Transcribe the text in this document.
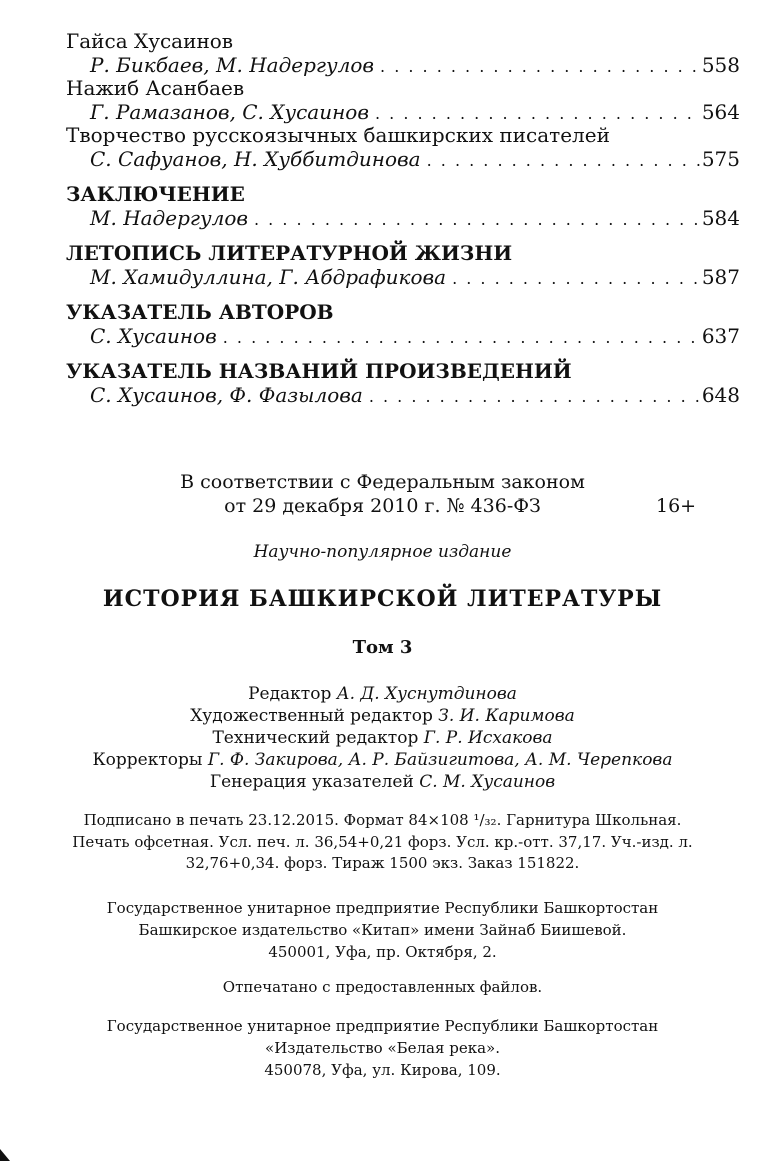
Гайса Хусаинов
Р. Бикбаев, М. Надергулов . . .	558
Нажиб Асанбаев
Г. Рамазанов, С. Хусаинов . . .	564
Творчество русскоязычных башкирских писателей
С. Сафуанов, Н. Хуббитдинова . . .	575
ЗАКЛЮЧЕНИЕ
М. Надергулов . . .	584
ЛЕТОПИСЬ ЛИТЕРАТУРНОЙ ЖИЗНИ
М. Хамидуллина, Г. Абдрафикова . . .	587
УКАЗАТЕЛЬ АВТОРОВ
С. Хусаинов . . .	637
УКАЗАТЕЛЬ НАЗВАНИЙ ПРОИЗВЕДЕНИЙ
С. Хусаинов, Ф. Фазылова . . .	648
В соответствии с Федеральным законом
от 29 декабря 2010 г. № 436-ФЗ	16+
Научно-популярное издание
ИСТОРИЯ БАШКИРСКОЙ ЛИТЕРАТУРЫ
Том 3
Редактор А. Д. Хуснутдинова
Художественный редактор З. И. Каримова
Технический редактор Г. Р. Исхакова
Корректоры Г. Ф. Закирова, А. Р. Байзигитова, А. М. Черепкова
Генерация указателей С. М. Хусаинов
Подписано в печать 23.12.2015. Формат 84×108 ¹/₃₂. Гарнитура Школьная.
Печать офсетная. Усл. печ. л. 36,54+0,21 форз. Усл. кр.-отт. 37,17. Уч.-изд. л.
32,76+0,34. форз. Тираж 1500 экз. Заказ 151822.
Государственное унитарное предприятие Республики Башкортостан
Башкирское издательство «Китап» имени Зайнаб Биишевой.
450001, Уфа, пр. Октября, 2.
Отпечатано с предоставленных файлов.
Государственное унитарное предприятие Республики Башкортостан
«Издательство «Белая река».
450078, Уфа, ул. Кирова, 109.
